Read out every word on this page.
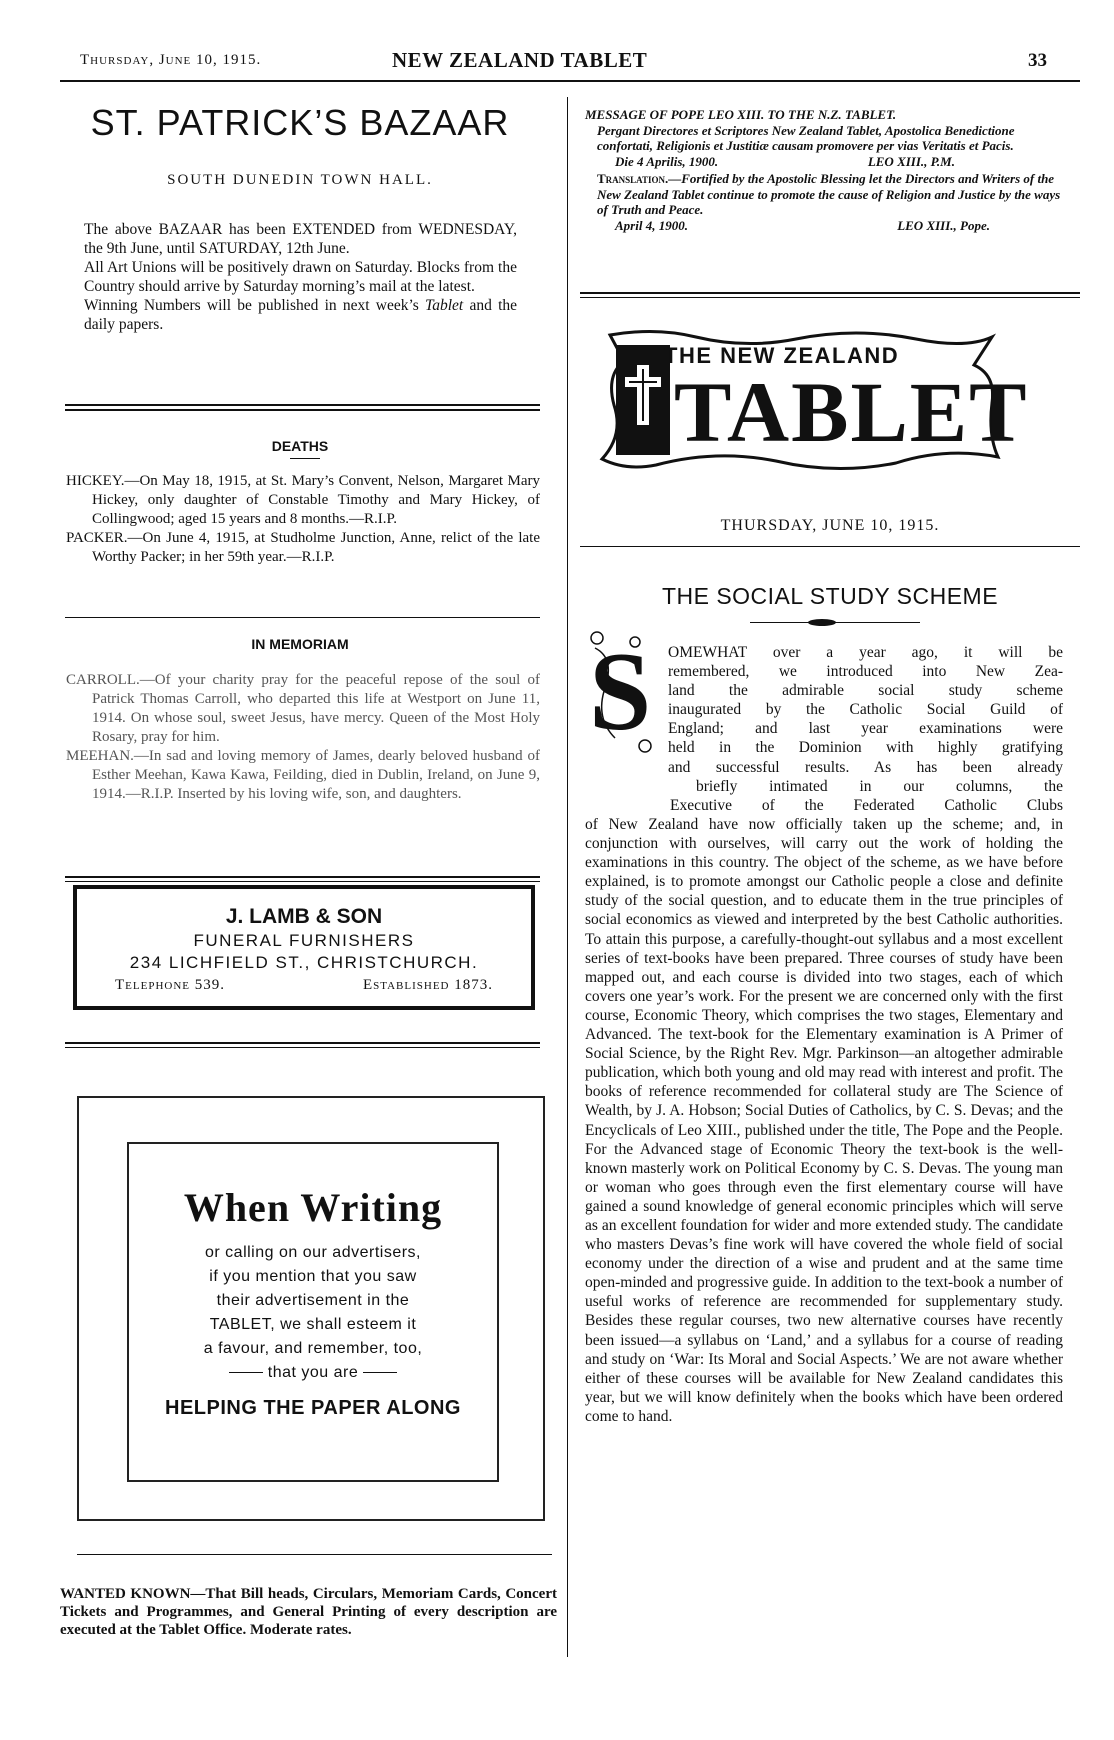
Thursday, June 10, 1915.	NEW ZEALAND TABLET	33
ST. PATRICK’S BAZAAR
SOUTH DUNEDIN TOWN HALL.
The above BAZAAR has been EXTENDED from WEDNESDAY, the 9th June, until SATURDAY, 12th June.
All Art Unions will be positively drawn on Saturday. Blocks from the Country should arrive by Saturday morning’s mail at the latest.
Winning Numbers will be published in next week’s Tablet and the daily papers.
DEATHS
HICKEY.—On May 18, 1915, at St. Mary’s Convent, Nelson, Margaret Mary Hickey, only daughter of Constable Timothy and Mary Hickey, of Collingwood; aged 15 years and 8 months.—R.I.P.
PACKER.—On June 4, 1915, at Studholme Junction, Anne, relict of the late Worthy Packer; in her 59th year.—R.I.P.
IN MEMORIAM
CARROLL.—Of your charity pray for the peaceful repose of the soul of Patrick Thomas Carroll, who departed this life at Westport on June 11, 1914. On whose soul, sweet Jesus, have mercy. Queen of the Most Holy Rosary, pray for him.
MEEHAN.—In sad and loving memory of James, dearly beloved husband of Esther Meehan, Kawa Kawa, Feilding, died in Dublin, Ireland, on June 9, 1914.—R.I.P. Inserted by his loving wife, son, and daughters.
J. LAMB & SON
FUNERAL FURNISHERS
234 LICHFIELD ST., CHRISTCHURCH.
Telephone 539.	Established 1873.
When Writing
or calling on our advertisers,
if you mention that you saw
their advertisement in the
TABLET, we shall esteem it
a favour, and remember, too,
that you are
HELPING THE PAPER ALONG
WANTED KNOWN—That Bill heads, Circulars, Memoriam Cards, Concert Tickets and Programmes, and General Printing of every description are executed at the Tablet Office. Moderate rates.
MESSAGE OF POPE LEO XIII. TO THE N.Z. TABLET.
Pergant Directores et Scriptores New Zealand Tablet, Apostolica Benedictione confortati, Religionis et Justitiæ causam promovere per vias Veritatis et Pacis.
Die 4 Aprilis, 1900.	LEO XIII., P.M.
Translation.—Fortified by the Apostolic Blessing let the Directors and Writers of the New Zealand Tablet continue to promote the cause of Religion and Justice by the ways of Truth and Peace.
April 4, 1900.	LEO XIII., Pope.
THE NEW ZEALAND
TABLET
THURSDAY, JUNE 10, 1915.
THE SOCIAL STUDY SCHEME
S OMEWHAT over a year ago, it will be
remembered, we introduced into New Zea-
land the admirable social study scheme
inaugurated by the Catholic Social Guild of
England; and last year examinations were
held in the Dominion with highly gratifying
and successful results. As has been already
briefly intimated in our columns, the
Executive of the Federated Catholic Clubs
of New Zealand have now officially taken up the scheme; and, in conjunction with ourselves, will carry out the work of holding the examinations in this country. The object of the scheme, as we have before explained, is to promote amongst our Catholic people a close and definite study of the social question, and to educate them in the true principles of social economics as viewed and interpreted by the best Catholic authorities. To attain this purpose, a carefully-thought-out syllabus and a most excellent series of text-books have been prepared. Three courses of study have been mapped out, and each course is divided into two stages, each of which covers one year’s work. For the present we are concerned only with the first course, Economic Theory, which comprises the two stages, Elementary and Advanced. The text-book for the Elementary examination is A Primer of Social Science, by the Right Rev. Mgr. Parkinson—an altogether admirable publication, which both young and old may read with interest and profit. The books of reference recommended for collateral study are The Science of Wealth, by J. A. Hobson; Social Duties of Catholics, by C. S. Devas; and the Encyclicals of Leo XIII., published under the title, The Pope and the People. For the Advanced stage of Economic Theory the text-book is the well-known masterly work on Political Economy by C. S. Devas. The young man or woman who goes through even the first elementary course will have gained a sound knowledge of general economic principles which will serve as an excellent foundation for wider and more extended study. The candidate who masters Devas’s fine work will have covered the whole field of social economy under the direction of a wise and prudent and at the same time open-minded and progressive guide. In addition to the text-book a number of useful works of reference are recommended for supplementary study. Besides these regular courses, two new alternative courses have recently been issued—a syllabus on ‘Land,’ and a syllabus for a course of reading and study on ‘War: Its Moral and Social Aspects.’ We are not aware whether either of these courses will be available for New Zealand candidates this year, but we will know definitely when the books which have been ordered come to hand.
